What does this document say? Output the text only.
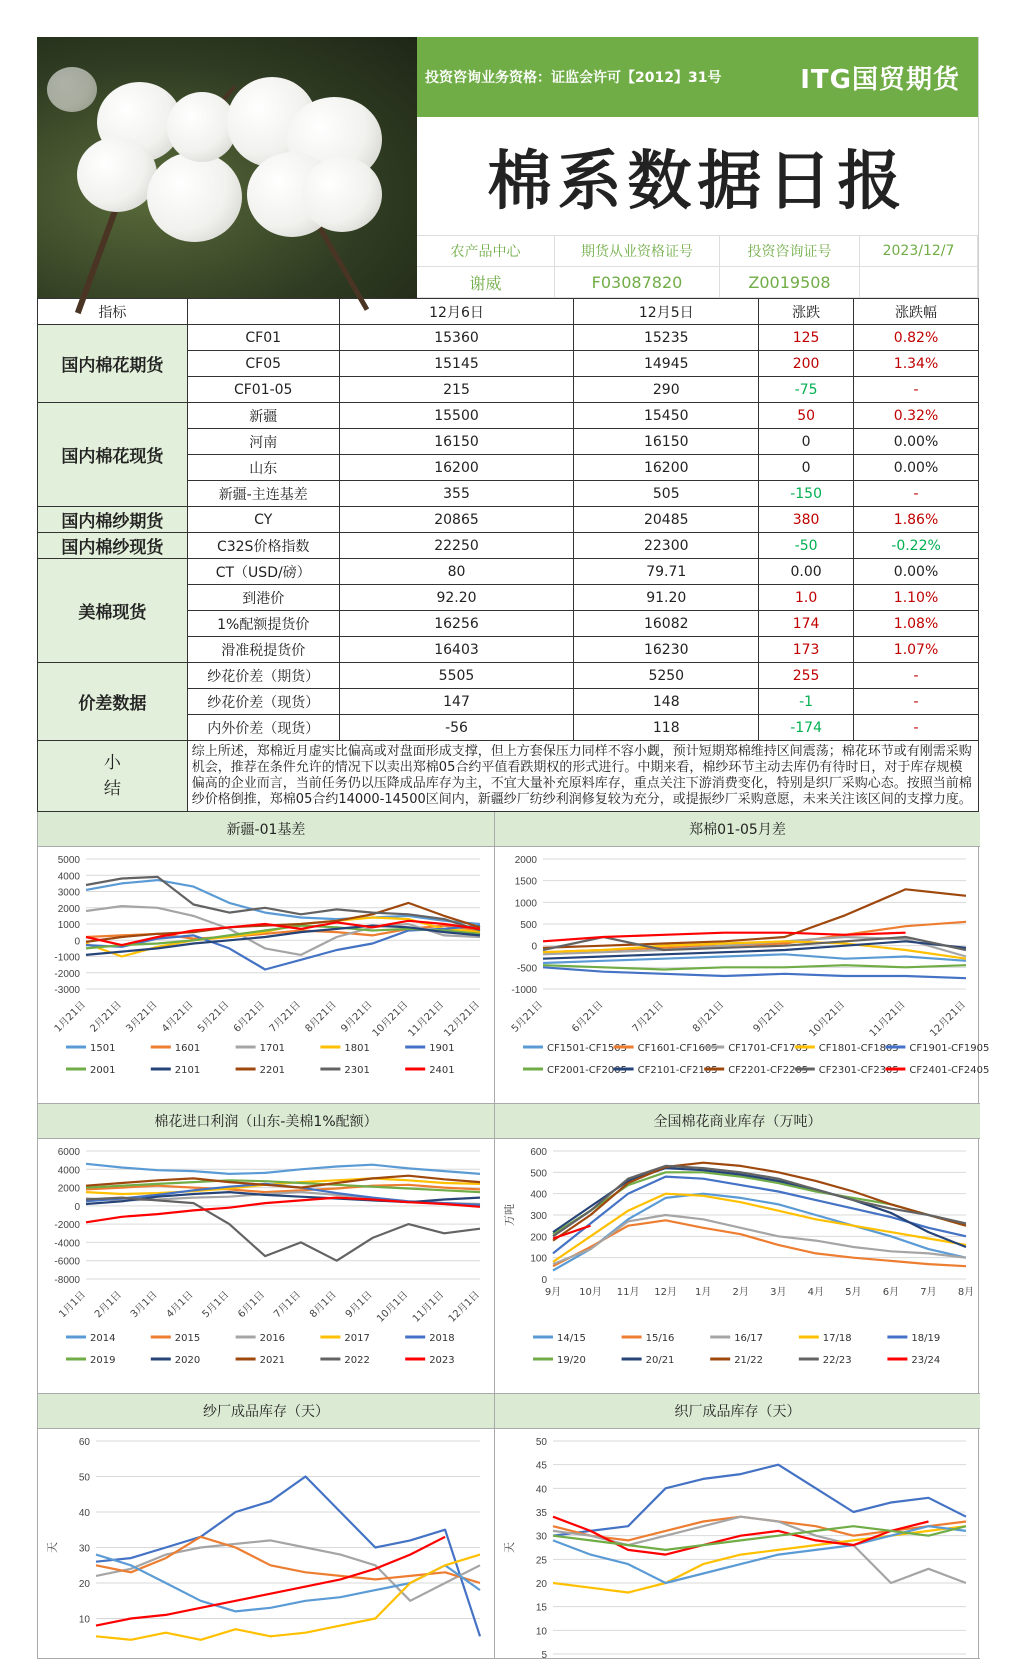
投资咨询业务资格：证监会许可【2012】31号	ITG国贸期货
棉系数据日报
农产品中心	期货从业资格证号	投资咨询证号	2023/12/7
谢威	F03087820	Z0019508
指标		12月6日	12月5日	涨跌	涨跌幅
国内棉花期货	CF01	15360	15235	125	0.82%
	CF05	15145	14945	200	1.34%
	CF01-05	215	290	-75	-
国内棉花现货	新疆	15500	15450	50	0.32%
	河南	16150	16150	0	0.00%
	山东	16200	16200	0	0.00%
	新疆-主连基差	355	505	-150	-
国内棉纱期货	CY	20865	20485	380	1.86%
国内棉纱现货	C32S价格指数	22250	22300	-50	-0.22%
美棉现货	CT（USD/磅）	80	79.71	0.00	0.00%
	到港价	92.20	91.20	1.0	1.10%
	1%配额提货价	16256	16082	174	1.08%
	滑准税提货价	16403	16230	173	1.07%
价差数据	纱花价差（期货）	5505	5250	255	-
	纱花价差（现货）	147	148	-1	-
	内外价差（现货）	-56	118	-174	-
小
结	综上所述，郑棉近月虚实比偏高或对盘面形成支撑，但上方套保压力同样不容小觑，预计短期郑棉维持区间震荡；棉花环节或有刚需采购机会，推荐在条件允许的情况下以卖出郑棉05合约平值看跌期权的形式进行。中期来看，棉纱环节主动去库仍有待时日，对于库存规模偏高的企业而言，当前任务仍以压降成品库存为主，不宜大量补充原料库存，重点关注下游消费变化，特别是织厂采购心态。按照当前棉纱价格倒推，郑棉05合约14000-14500区间内，新疆纱厂纺纱利润修复较为充分，或提振纱厂采购意愿，未来关注该区间的支撑力度。				
新疆-01基差
5000
4000
3000
2000
1000
0
-1000
-2000
-3000
1月21日 2月21日 3月21日 4月21日 5月21日 6月21日 7月21日 8月21日 9月21日
10月21日
11月21日
12月21日
1501	1601	1701	1801	1901
2001	2101	2201	2301	2401
郑棉01-05月差
2000
1500
1000
500
0
-500
-1000
5月21日	6月21日	7月21日	8月21日	9月21日 10月21日 11月21日 12月21日
CF1501-CF1505 CF1601-CF1605 CF1701-CF1705 CF1801-CF1805 CF1901-CF1905
CF2001-CF2005 CF2101-CF2105 CF2201-CF2205 CF2301-CF2305 CF2401-CF2405
棉花进口利润（山东-美棉1%配额）
6000
4000
2000
0
-2000
-4000
-6000
-8000
1月1日 2月1日 3月1日 4月1日 5月1日 6月1日 7月1日 8月1日 9月1日 10月1日 11月1日 12月1日
2014	2015	2016	2017	2018
2019	2020	2021	2022	2023
全国棉花商业库存（万吨）
600
500
400
300
200
100
0
万吨
9月 10月 11月 12月 1月 2月 3月 4月 5月 6月 7月 8月
14/15	15/16	16/17	17/18	18/19
19/20	20/21	21/22	22/23	23/24
纱厂成品库存（天）
60
50
40
30
20
10
天
织厂成品库存（天）
50
45
40
35
30
25
20
15
10
5
天
